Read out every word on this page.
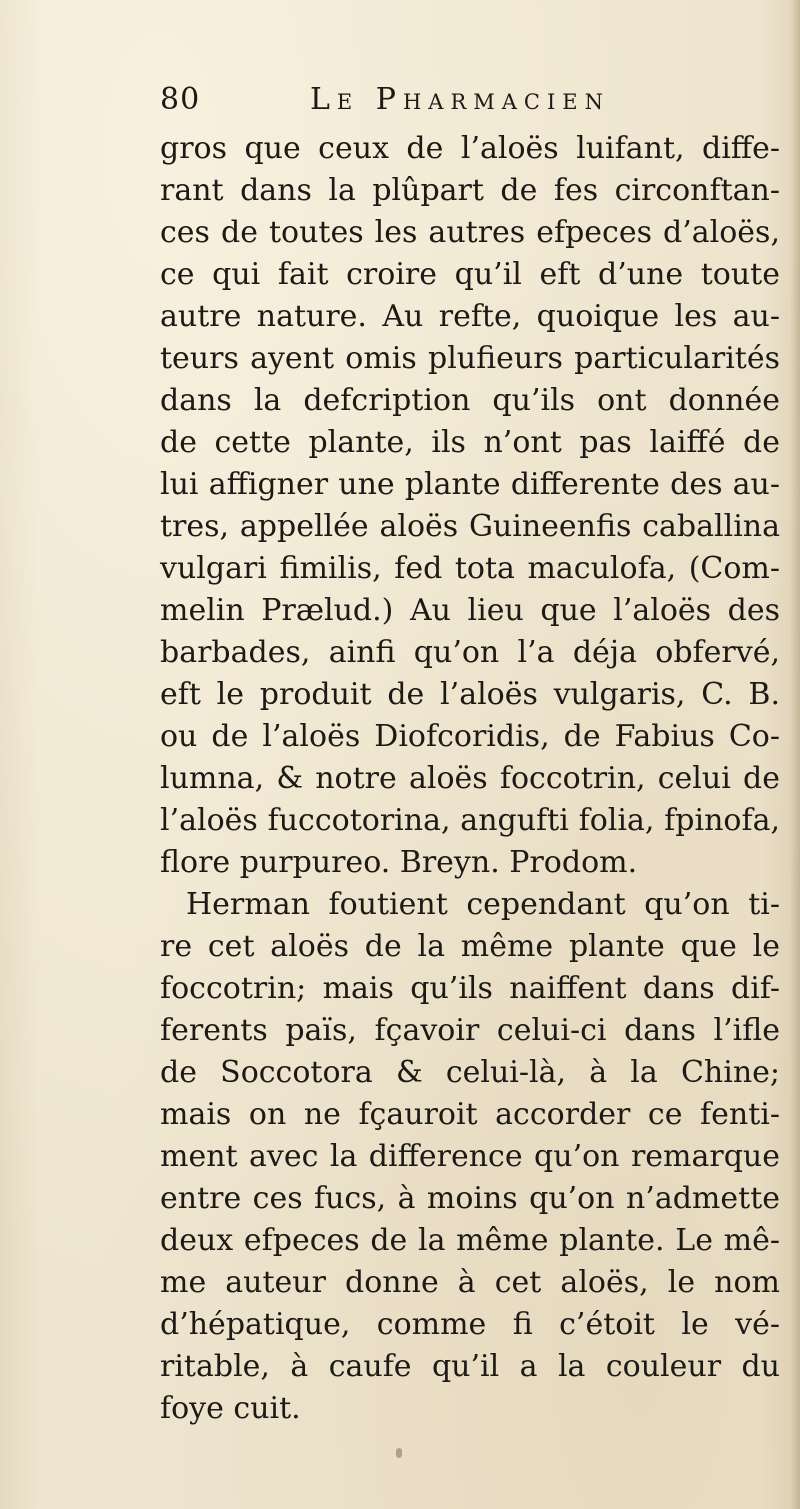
80	Le Pharmacien
gros que ceux de l’aloës luifant, diffe-
rant dans la plûpart de fes circonftan-
ces de toutes les autres efpeces d’aloës,
ce qui fait croire qu’il eft d’une toute
autre nature. Au refte, quoique les au-
teurs ayent omis plufieurs particularités
dans la defcription qu’ils ont donnée
de cette plante, ils n’ont pas laiffé de
lui affigner une plante differente des au-
tres, appellée aloës Guineenfis caballina
vulgari fimilis, fed tota maculofa, (Com-
melin Prælud.) Au lieu que l’aloës des
barbades, ainfi qu’on l’a déja obfervé,
eft le produit de l’aloës vulgaris, C. B.
ou de l’aloës Diofcoridis, de Fabius Co-
lumna, & notre aloës foccotrin, celui de
l’aloës fuccotorina, angufti folia, fpinofa,
flore purpureo. Breyn. Prodom.
Herman foutient cependant qu’on ti-
re cet aloës de la même plante que le
foccotrin; mais qu’ils naiffent dans dif-
ferents païs, fçavoir celui-ci dans l’ifle
de Soccotora & celui-là, à la Chine;
mais on ne fçauroit accorder ce fenti-
ment avec la difference qu’on remarque
entre ces fucs, à moins qu’on n’admette
deux efpeces de la même plante. Le mê-
me auteur donne à cet aloës, le nom
d’hépatique, comme fi c’étoit le vé-
ritable, à caufe qu’il a la couleur du
foye cuit.
